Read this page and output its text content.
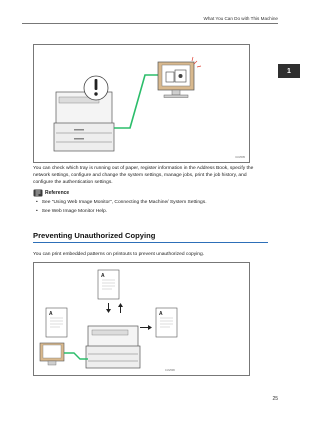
What You Can Do with This Machine
1
CUV005
You can check which tray is running out of paper, register information in the Address Book, specify the network settings, configure and change the system settings, manage jobs, print the job history, and configure the authentication settings.
Reference
• See "Using Web Image Monitor", Connecting the Machine/ System Settings.
• See Web Image Monitor Help.
Preventing Unauthorized Copying
You can print embedded patterns on printouts to prevent unauthorized copying.
A
A	A
CUV006
25
